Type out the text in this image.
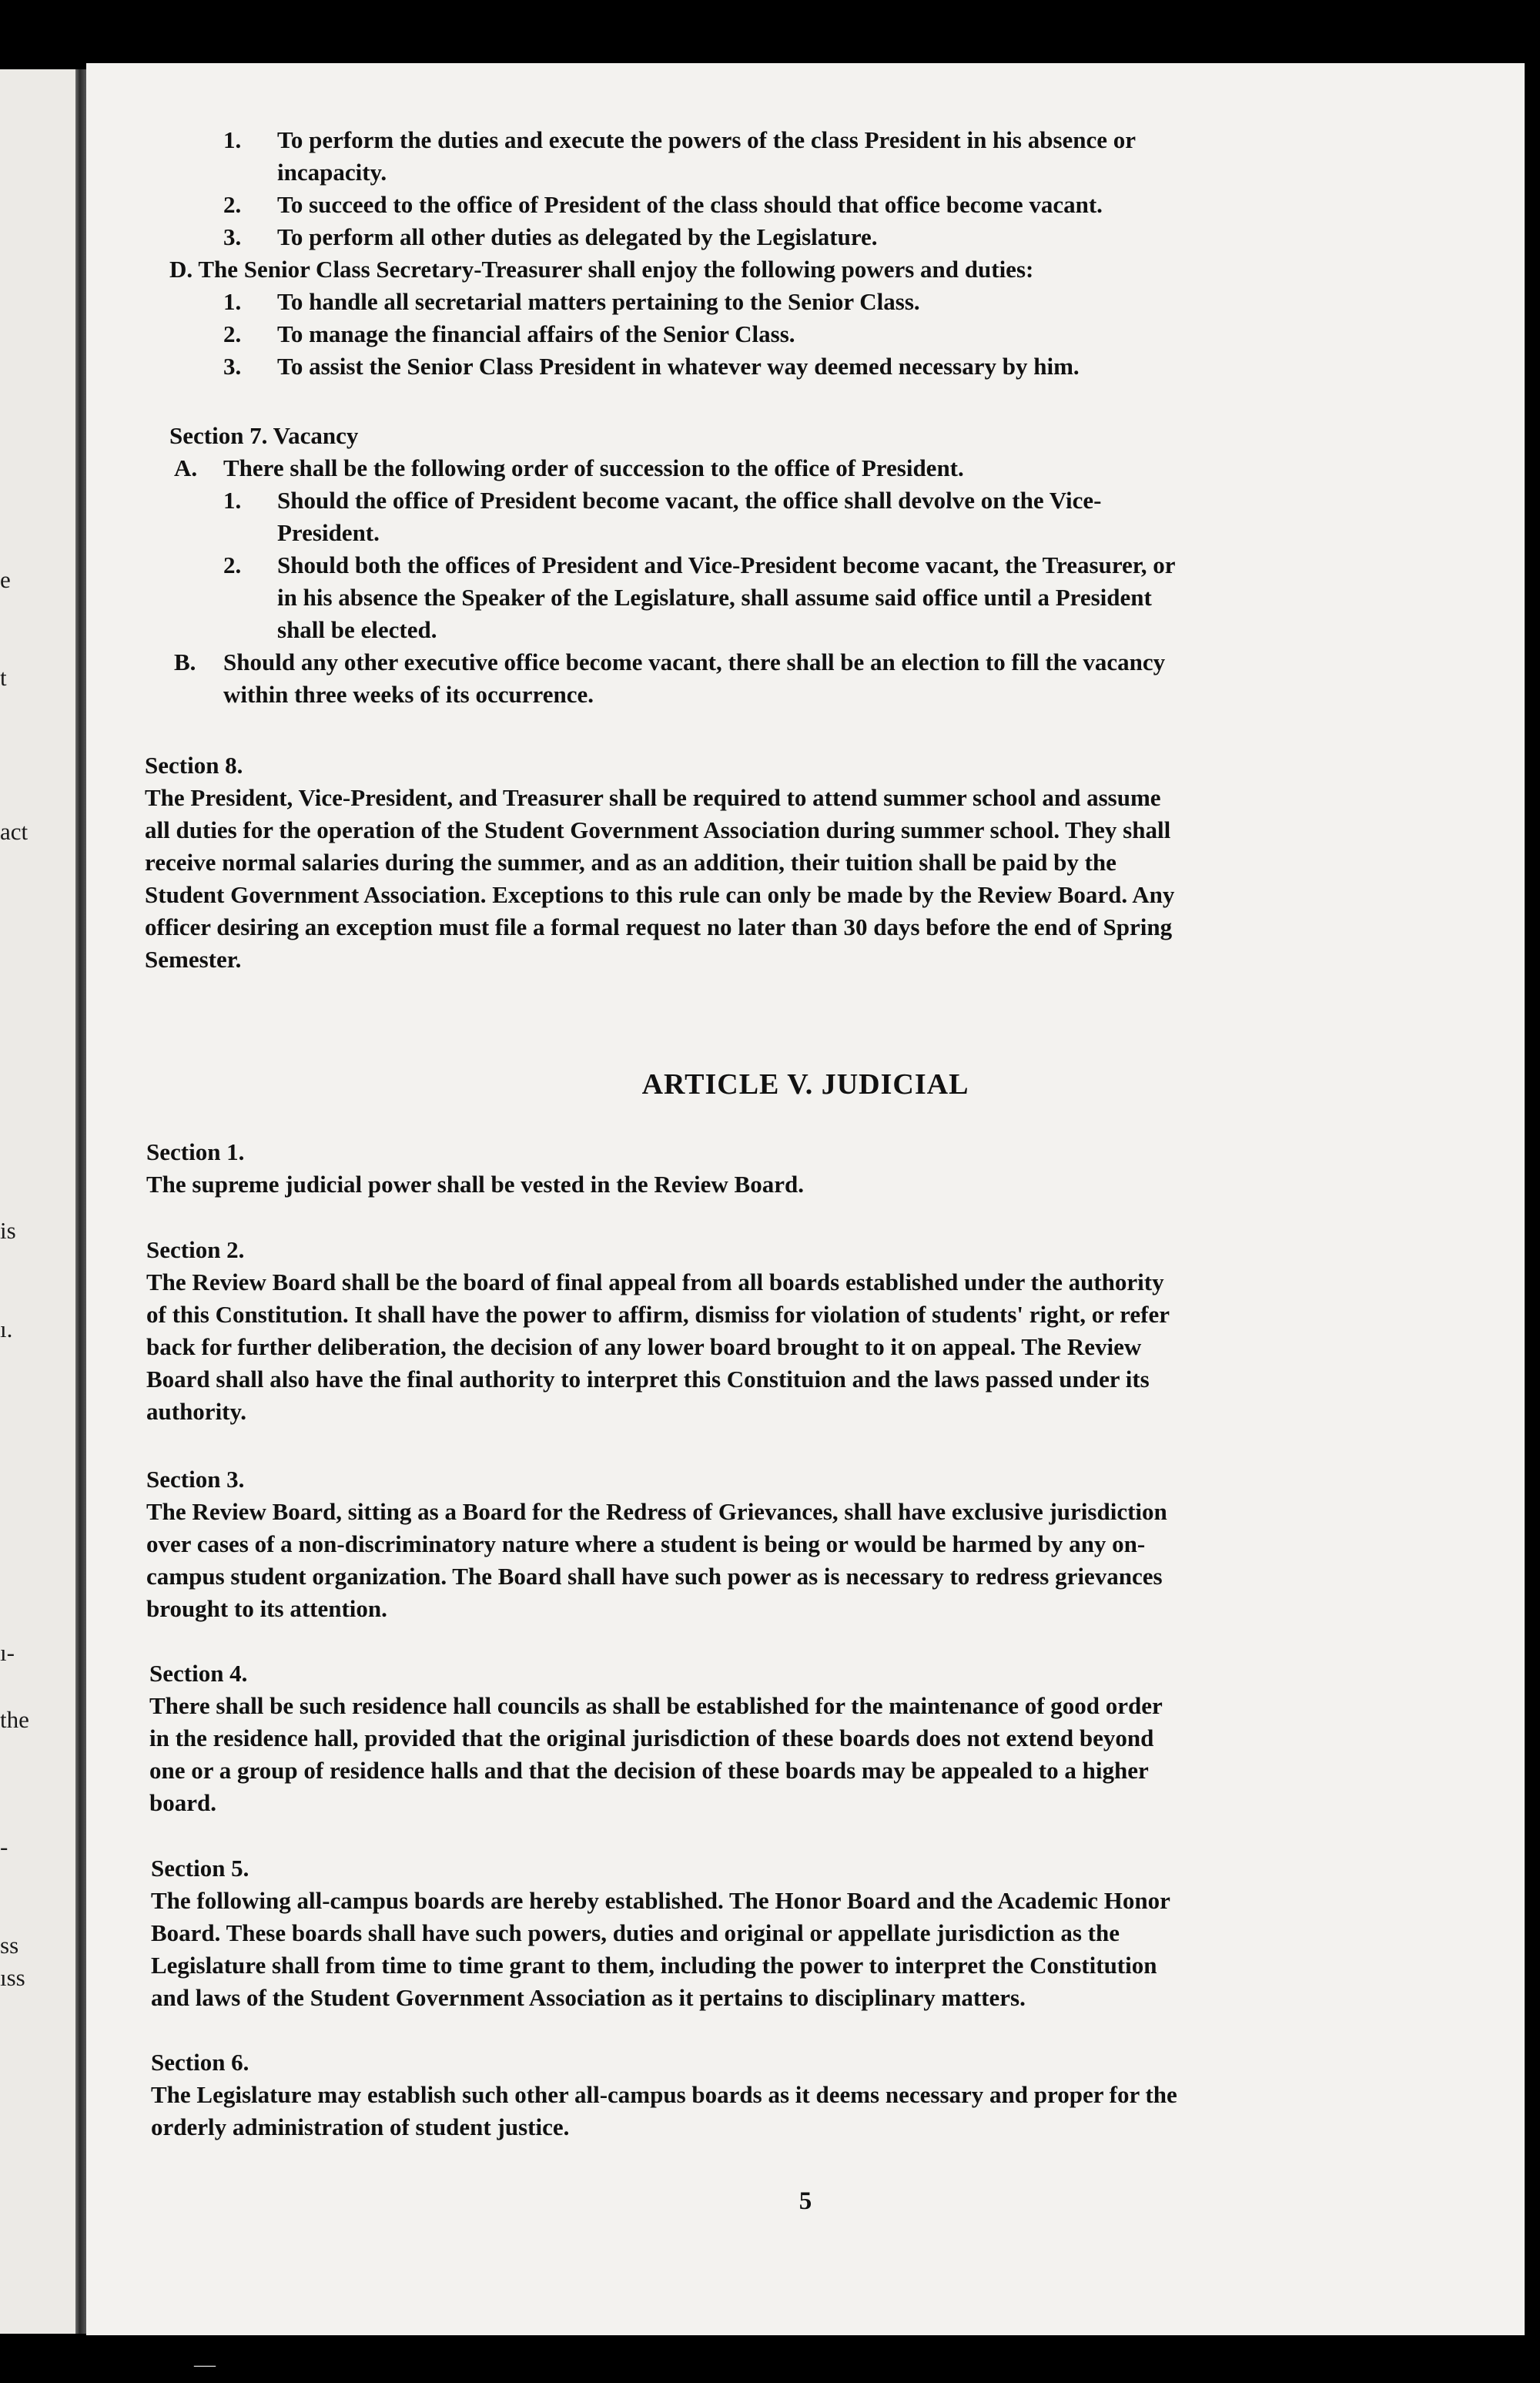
e
t
act
is
ı.
ı-
the
-
ss
ıss
1. To perform the duties and execute the powers of the class President in his absence or
incapacity.
2. To succeed to the office of President of the class should that office become vacant.
3. To perform all other duties as delegated by the Legislature.
D. The Senior Class Secretary-Treasurer shall enjoy the following powers and duties:
1. To handle all secretarial matters pertaining to the Senior Class.
2. To manage the financial affairs of the Senior Class.
3. To assist the Senior Class President in whatever way deemed necessary by him.
Section 7. Vacancy
A. There shall be the following order of succession to the office of President.
1. Should the office of President become vacant, the office shall devolve on the Vice-
President.
2. Should both the offices of President and Vice-President become vacant, the Treasurer, or
in his absence the Speaker of the Legislature, shall assume said office until a President
shall be elected.
B. Should any other executive office become vacant, there shall be an election to fill the vacancy
within three weeks of its occurrence.
Section 8.
The President, Vice-President, and Treasurer shall be required to attend summer school and assume
all duties for the operation of the Student Government Association during summer school. They shall
receive normal salaries during the summer, and as an addition, their tuition shall be paid by the
Student Government Association. Exceptions to this rule can only be made by the Review Board. Any
officer desiring an exception must file a formal request no later than 30 days before the end of Spring
Semester.
ARTICLE V. JUDICIAL
Section 1.
The supreme judicial power shall be vested in the Review Board.
Section 2.
The Review Board shall be the board of final appeal from all boards established under the authority
of this Constitution. It shall have the power to affirm, dismiss for violation of students' right, or refer
back for further deliberation, the decision of any lower board brought to it on appeal. The Review
Board shall also have the final authority to interpret this Constituion and the laws passed under its
authority.
Section 3.
The Review Board, sitting as a Board for the Redress of Grievances, shall have exclusive jurisdiction
over cases of a non-discriminatory nature where a student is being or would be harmed by any on-
campus student organization. The Board shall have such power as is necessary to redress grievances
brought to its attention.
Section 4.
There shall be such residence hall councils as shall be established for the maintenance of good order
in the residence hall, provided that the original jurisdiction of these boards does not extend beyond
one or a group of residence halls and that the decision of these boards may be appealed to a higher
board.
Section 5.
The following all-campus boards are hereby established. The Honor Board and the Academic Honor
Board. These boards shall have such powers, duties and original or appellate jurisdiction as the
Legislature shall from time to time grant to them, including the power to interpret the Constitution
and laws of the Student Government Association as it pertains to disciplinary matters.
Section 6.
The Legislature may establish such other all-campus boards as it deems necessary and proper for the
orderly administration of student justice.
5
—
